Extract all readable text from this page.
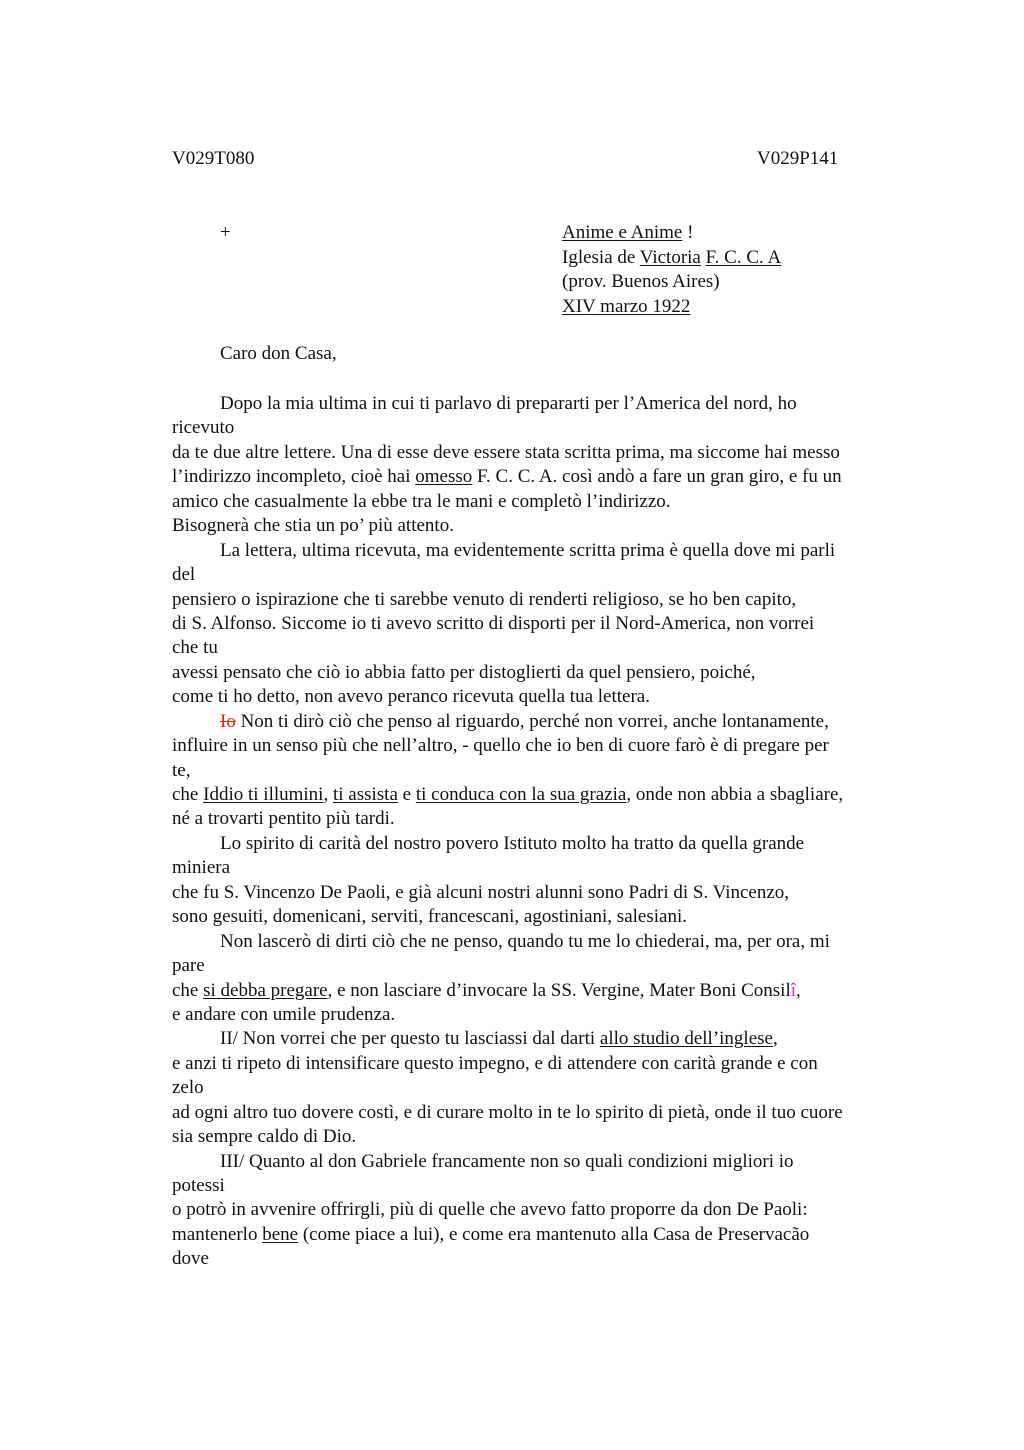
V029T080	V029P141
+	Anime e Anime !
Iglesia de Victoria F. C. C. A
(prov. Buenos Aires)
XIV marzo 1922
Caro don Casa,
Dopo la mia ultima in cui ti parlavo di prepararti per l’America del nord, ho
ricevuto
da te due altre lettere. Una di esse deve essere stata scritta prima, ma siccome hai messo
l’indirizzo incompleto, cioè hai omesso F. C. C. A. così andò a fare un gran giro, e fu un
amico che casualmente la ebbe tra le mani e completò l’indirizzo.
Bisognerà che stia un po’ più attento.
La lettera, ultima ricevuta, ma evidentemente scritta prima è quella dove mi parli
del
pensiero o ispirazione che ti sarebbe venuto di renderti religioso, se ho ben capito,
di S. Alfonso. Siccome io ti avevo scritto di disporti per il Nord-America, non vorrei
che tu
avessi pensato che ciò io abbia fatto per distoglierti da quel pensiero, poiché,
come ti ho detto, non avevo peranco ricevuta quella tua lettera.
Io Non ti dirò ciò che penso al riguardo, perché non vorrei, anche lontanamente,
influire in un senso più che nell’altro, - quello che io ben di cuore farò è di pregare per
te,
che Iddio ti illumini, ti assista e ti conduca con la sua grazia, onde non abbia a sbagliare,
né a trovarti pentito più tardi.
Lo spirito di carità del nostro povero Istituto molto ha tratto da quella grande
miniera
che fu S. Vincenzo De Paoli, e già alcuni nostri alunni sono Padri di S. Vincenzo,
sono gesuiti, domenicani, serviti, francescani, agostiniani, salesiani.
Non lascerò di dirti ciò che ne penso, quando tu me lo chiederai, ma, per ora, mi
pare
che si debba pregare, e non lasciare d’invocare la SS. Vergine, Mater Boni Consilî,
e andare con umile prudenza.
II/ Non vorrei che per questo tu lasciassi dal darti allo studio dell’inglese,
e anzi ti ripeto di intensificare questo impegno, e di attendere con carità grande e con
zelo
ad ogni altro tuo dovere costì, e di curare molto in te lo spirito di pietà, onde il tuo cuore
sia sempre caldo di Dio.
III/ Quanto al don Gabriele francamente non so quali condizioni migliori io
potessi
o potrò in avvenire offrirgli, più di quelle che avevo fatto proporre da don De Paoli:
mantenerlo bene (come piace a lui), e come era mantenuto alla Casa de Preservacão
dove
